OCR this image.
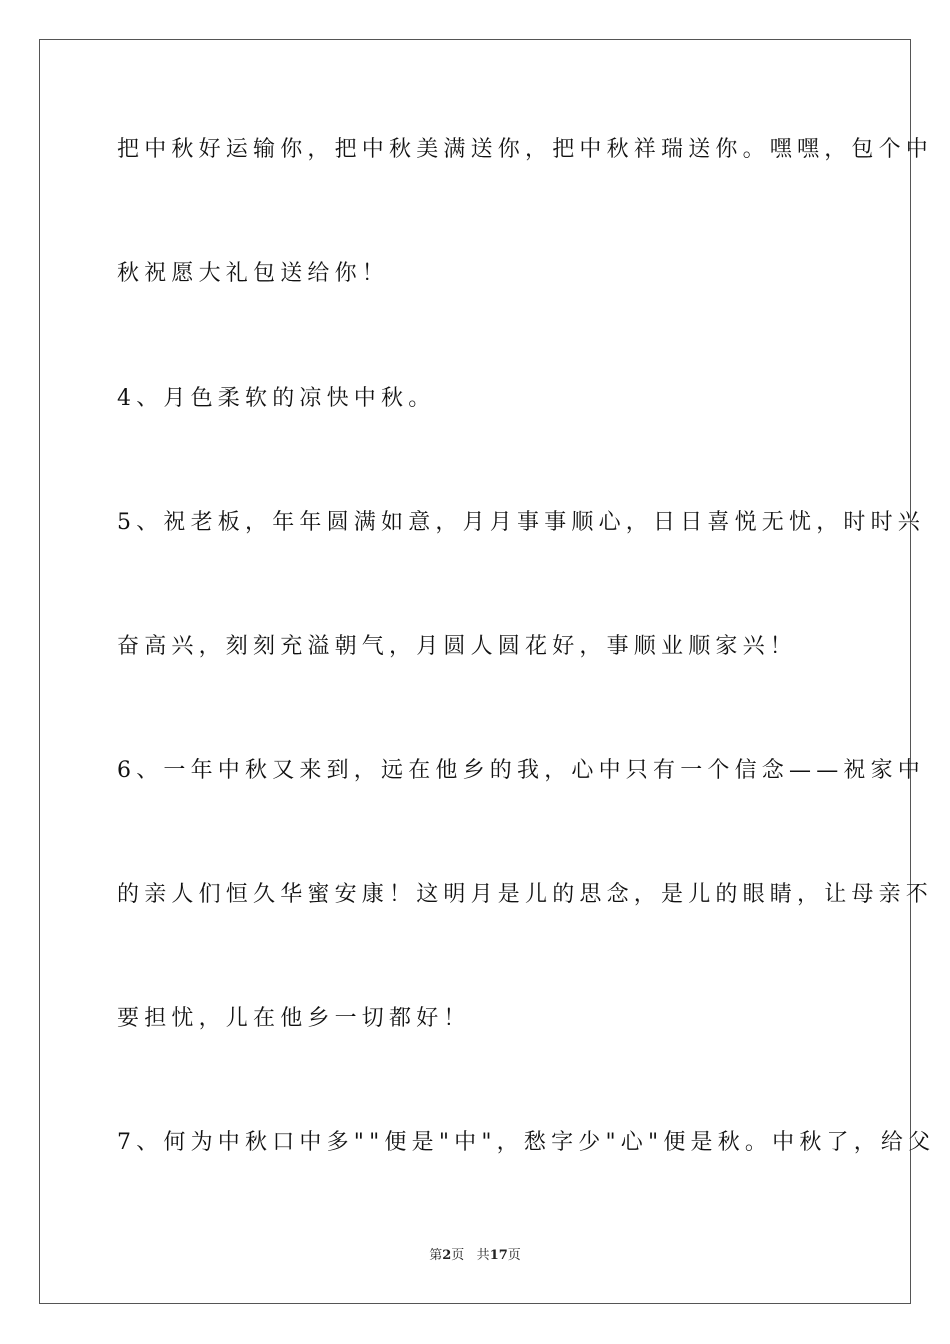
把中秋好运输你，把中秋美满送你，把中秋祥瑞送你。嘿嘿，包个中
秋祝愿大礼包送给你！
4、月色柔软的凉快中秋。
5、祝老板，年年圆满如意，月月事事顺心，日日喜悦无忧，时时兴
奋高兴，刻刻充溢朝气，月圆人圆花好，事顺业顺家兴！
6、一年中秋又来到，远在他乡的我，心中只有一个信念——祝家中
的亲人们恒久华蜜安康！这明月是儿的思念，是儿的眼睛，让母亲不
要担忧，儿在他乡一切都好！
7、何为中秋口中多""便是"中"，愁字少"心"便是秋。中秋了，给父
第2页 共17页
